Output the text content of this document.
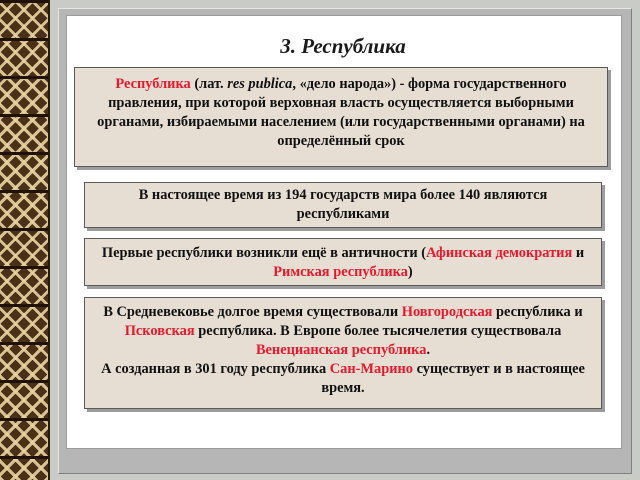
3. Республика
Республика (лат. res publica, «дело народа») - форма государственного правления, при которой верховная власть осуществляется выборными органами, избираемыми населением (или государственными органами) на определённый срок
В настоящее время из 194 государств мира более 140 являются республиками
Первые республики возникли ещё в античности (Афинская демократия и Римская республика)
В Средневековье долгое время существовали Новгородская республика и Псковская республика. В Европе более тысячелетия существовала Венецианская республика.
А созданная в 301 году республика Сан-Марино существует и в настоящее время.
